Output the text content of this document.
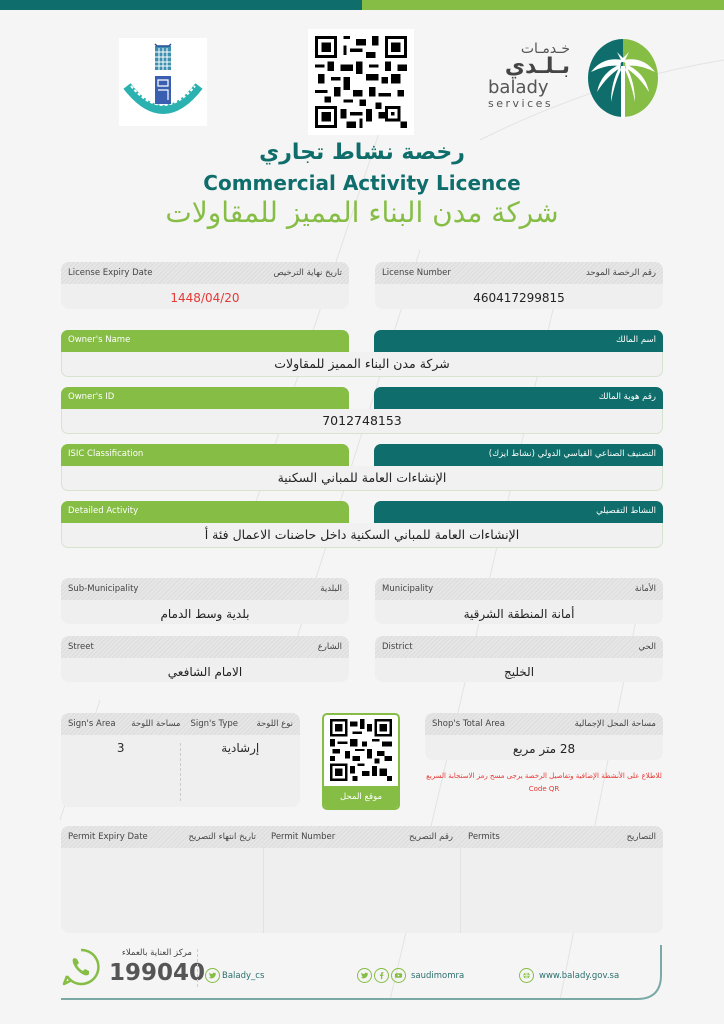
خـدمـات
بـلـدي
balady
services
رخصة نشاط تجاري
Commercial Activity Licence
شركة مدن البناء المميز للمقاولات
License Expiry Date	تاريخ نهاية الترخيص
1448/04/20
License Number	رقم الرخصة الموحد
460417299815
Owner's Name	اسم المالك
شركة مدن البناء المميز للمقاولات
Owner's ID	رقم هوية المالك
7012748153
ISIC Classification	التصنيف الصناعي القياسي الدولي (نشاط ايزك)
الإنشاءات العامة للمباني السكنية
Detailed Activity	النشاط التفصيلي
الإنشاءات العامة للمباني السكنية داخل حاضنات الاعمال فئة أ
Sub-Municipality	البلدية
بلدية وسط الدمام
Municipality	الأمانة
أمانة المنطقة الشرقية
Street	الشارع
الامام الشافعي
District	الحي
الخليج
Sign's Area مساحة اللوحة Sign's Type نوع اللوحة
3	إرشادية
موقع المحل
Shop's Total Area	مساحة المحل الإجمالية
28 متر مربع
للاطلاع على الأنشطة الإضافية وتفاصيل الرخصة يرجى مسح رمز الاستجابة السريع Code QR
Permit Expiry Date	تاريخ انتهاء التصريح Permit Number	رقم التصريح Permits	التصاريح
مركز العناية بالعملاء
199040 Balady_cs	saudimomra	www.balady.gov.sa
